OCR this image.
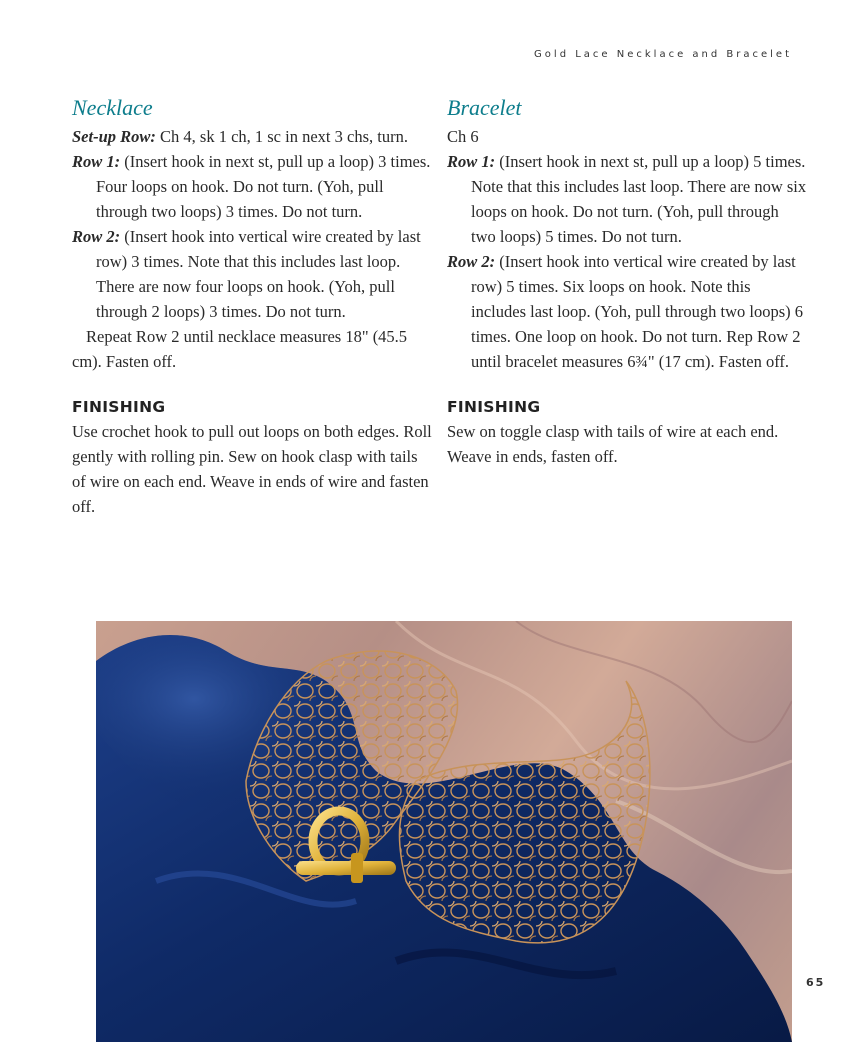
Gold Lace Necklace and Bracelet
Necklace

Set-up Row: Ch 4, sk 1 ch, 1 sc in next 3 chs, turn.

Row 1: (Insert hook in next st, pull up a loop) 3 times. Four loops on hook. Do not turn. (Yoh, pull through two loops) 3 times. Do not turn.

Row 2: (Insert hook into vertical wire created by last row) 3 times. Note that this includes last loop. There are now four loops on hook. (Yoh, pull through 2 loops) 3 times. Do not turn.

Repeat Row 2 until necklace measures 18" (45.5 cm). Fasten off.

FINISHING

Use crochet hook to pull out loops on both edges. Roll gently with rolling pin. Sew on hook clasp with tails of wire on each end. Weave in ends of wire and fasten off.

Bracelet

Ch 6

Row 1: (Insert hook in next st, pull up a loop) 5 times. Note that this includes last loop. There are now six loops on hook. Do not turn. (Yoh, pull through two loops) 5 times. Do not turn.

Row 2: (Insert hook into vertical wire created by last row) 5 times. Six loops on hook. Note this includes last loop. (Yoh, pull through two loops) 6 times. One loop on hook. Do not turn. Rep Row 2 until bracelet measures 6¾" (17 cm). Fasten off.

FINISHING

Sew on toggle clasp with tails of wire at each end. Weave in ends, fasten off.

65
